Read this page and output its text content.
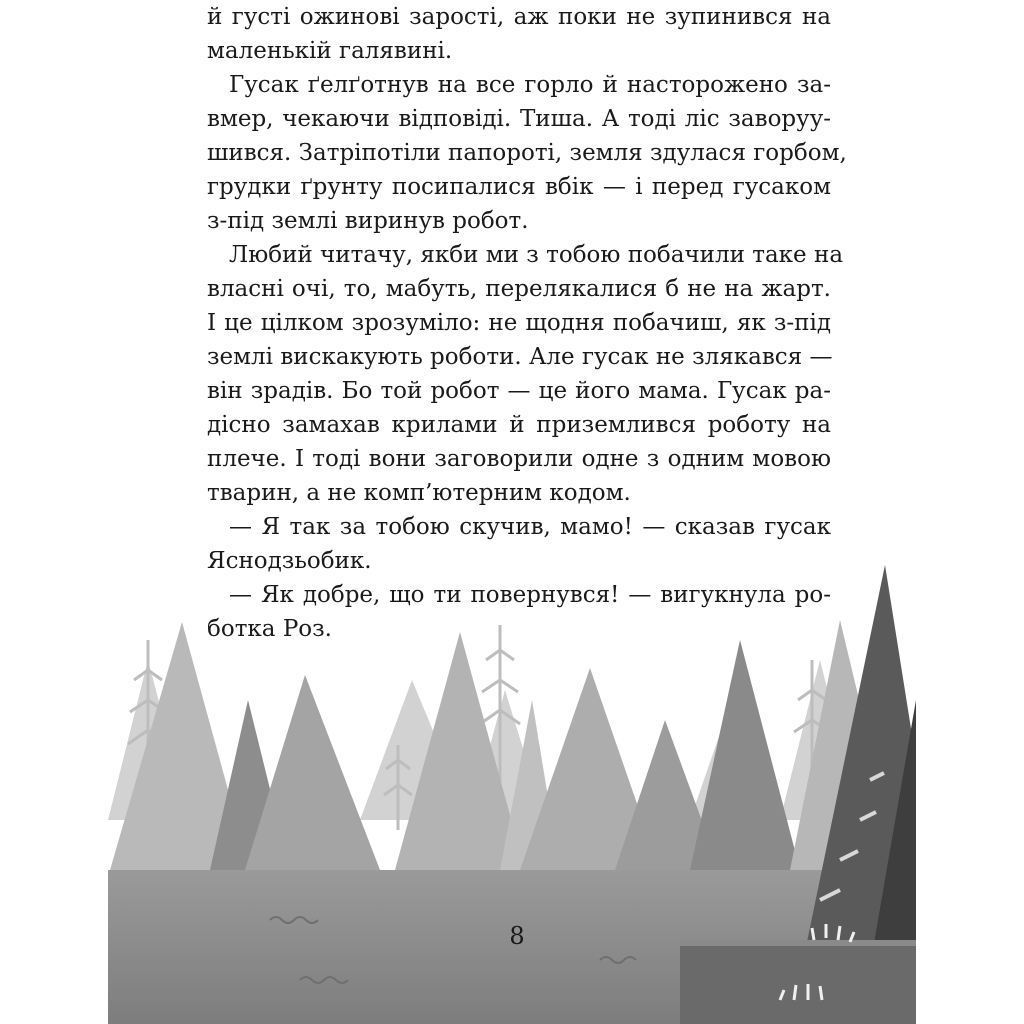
й густі ожинові зарості, аж поки не зупинився на
маленькій галявині.
Гусак ґелґотнув на все горло й насторожено за-
вмер, чекаючи відповіді. Тиша. А тоді ліс заворуу-
шився. Затріпотіли папороті, земля здулася горбом,
грудки ґрунту посипалися вбік — і перед гусаком
з-під землі виринув робот.
Любий читачу, якби ми з тобою побачили таке на
власні очі, то, мабуть, перелякалися б не на жарт.
І це цілком зрозуміло: не щодня побачиш, як з-під
землі вискакують роботи. Але гусак не злякався —
він зрадів. Бо той робот — це його мама. Гусак ра-
дісно замахав крилами й приземлився роботу на
плече. І тоді вони заговорили одне з одним мовою
тварин, а не комп’ютерним кодом.
— Я так за тобою скучив, мамо! — сказав гусак
Яснодзьобик.
— Як добре, що ти повернувся! — вигукнула ро-
ботка Роз.
8
